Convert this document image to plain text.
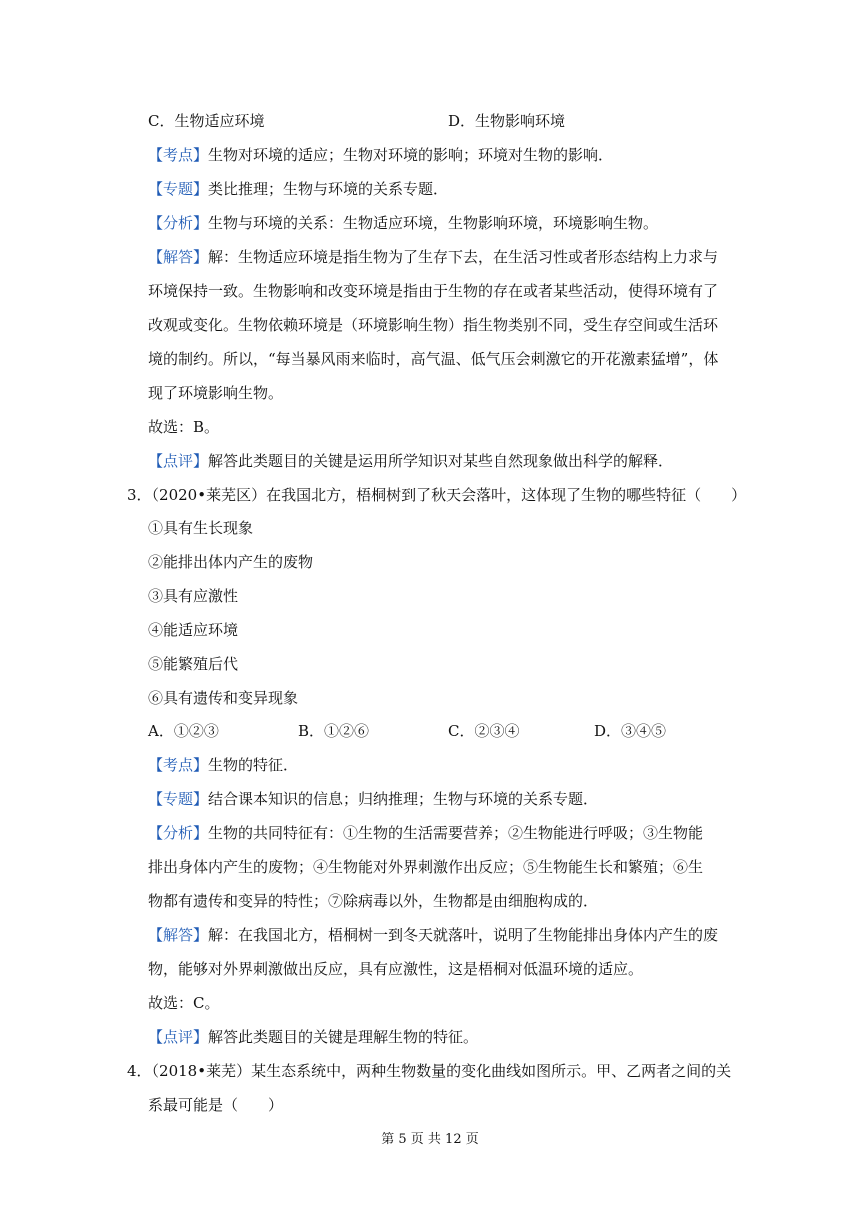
C．生物适应环境	D．生物影响环境
【考点】生物对环境的适应；生物对环境的影响；环境对生物的影响．
【专题】类比推理；生物与环境的关系专题．
【分析】生物与环境的关系：生物适应环境，生物影响环境，环境影响生物。
【解答】解：生物适应环境是指生物为了生存下去，在生活习性或者形态结构上力求与
环境保持一致。生物影响和改变环境是指由于生物的存在或者某些活动，使得环境有了
改观或变化。生物依赖环境是（环境影响生物）指生物类别不同，受生存空间或生活环
境的制约。所以，“每当暴风雨来临时，高气温、低气压会刺激它的开花激素猛增”，体
现了环境影响生物。
故选：B。
【点评】解答此类题目的关键是运用所学知识对某些自然现象做出科学的解释．
3．（2020•莱芜区）在我国北方，梧桐树到了秋天会落叶，这体现了生物的哪些特征（　　）
①具有生长现象
②能排出体内产生的废物
③具有应激性
④能适应环境
⑤能繁殖后代
⑥具有遗传和变异现象
A．①②③	B．①②⑥	C．②③④	D．③④⑤
【考点】生物的特征．
【专题】结合课本知识的信息；归纳推理；生物与环境的关系专题．
【分析】生物的共同特征有：①生物的生活需要营养；②生物能进行呼吸；③生物能
排出身体内产生的废物；④生物能对外界刺激作出反应；⑤生物能生长和繁殖；⑥生
物都有遗传和变异的特性；⑦除病毒以外，生物都是由细胞构成的．
【解答】解：在我国北方，梧桐树一到冬天就落叶，说明了生物能排出身体内产生的废
物，能够对外界刺激做出反应，具有应激性，这是梧桐对低温环境的适应。
故选：C。
【点评】解答此类题目的关键是理解生物的特征。
4．（2018•莱芜）某生态系统中，两种生物数量的变化曲线如图所示。甲、乙两者之间的关
系最可能是（　　）
第 5 页 共 12 页
